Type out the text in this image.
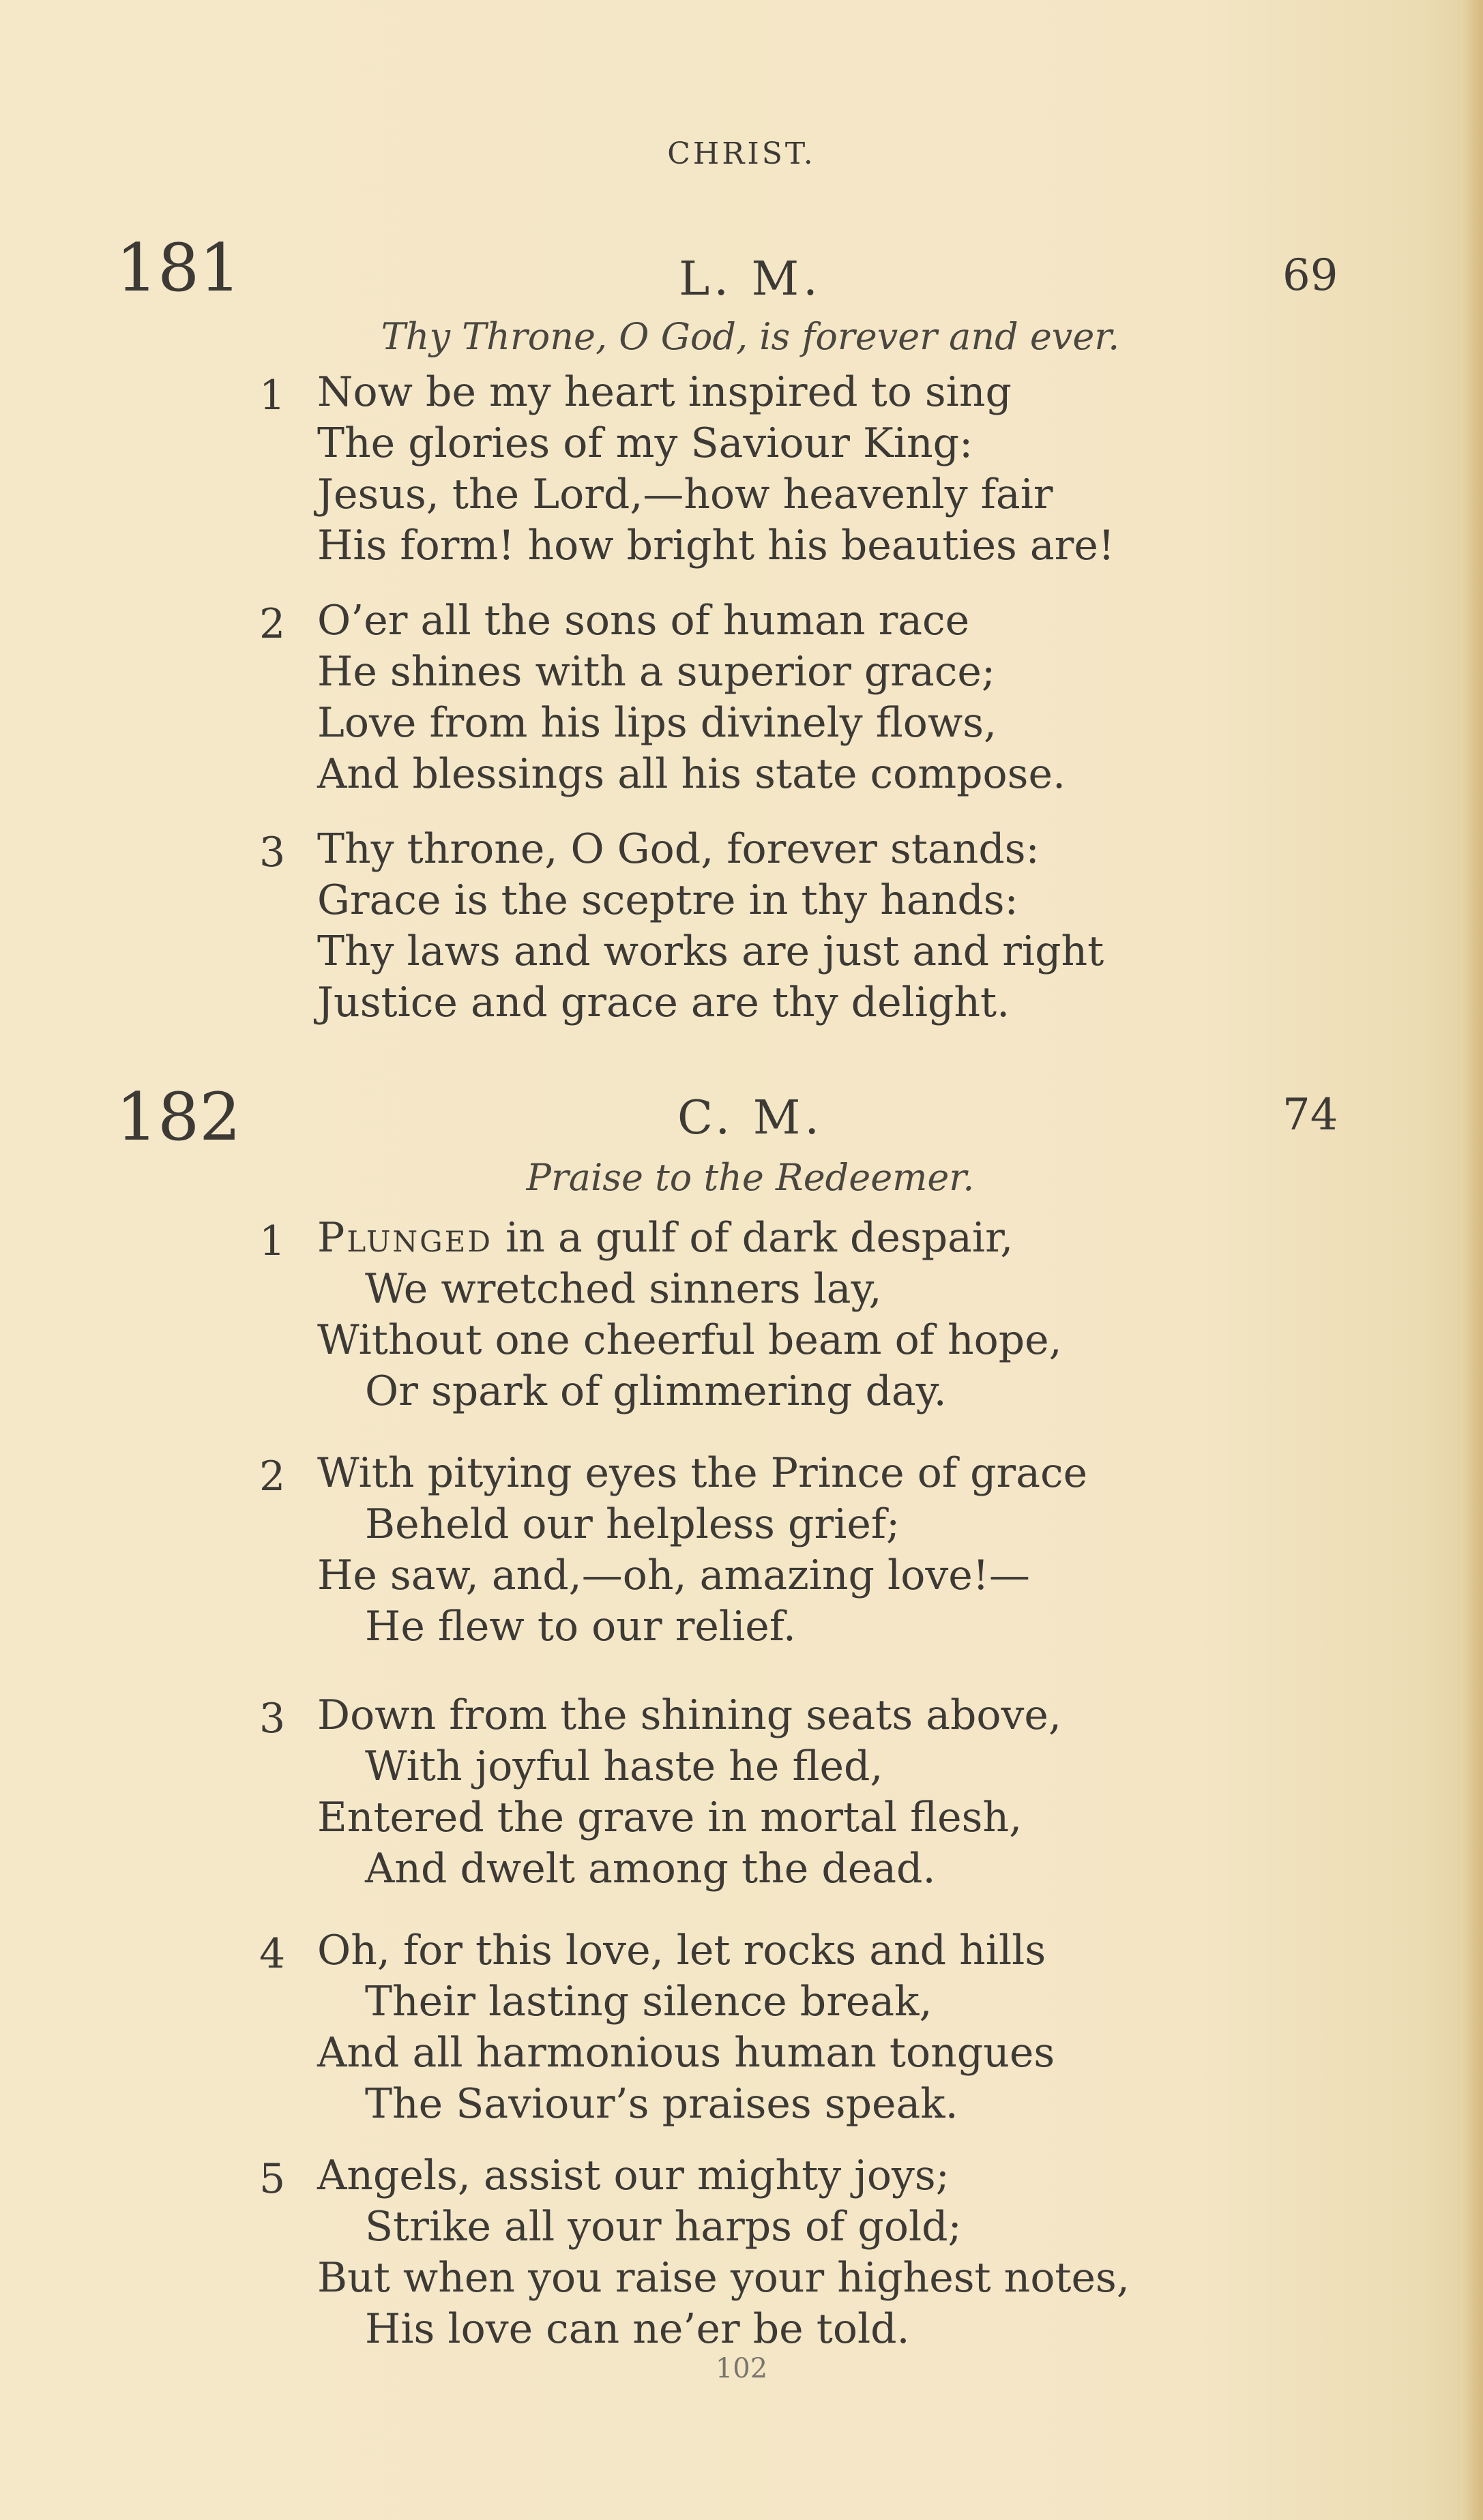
CHRIST.
181	L. M.	69
Thy Throne, O God, is forever and ever.
1 Now be my heart inspired to sing
The glories of my Saviour King:
Jesus, the Lord,—how heavenly fair
His form! how bright his beauties are!
2 O’er all the sons of human race
He shines with a superior grace;
Love from his lips divinely flows,
And blessings all his state compose.
3 Thy throne, O God, forever stands:
Grace is the sceptre in thy hands:
Thy laws and works are just and right
Justice and grace are thy delight.
182	C. M.	74
Praise to the Redeemer.
1 Plunged in a gulf of dark despair,
We wretched sinners lay,
Without one cheerful beam of hope,
Or spark of glimmering day.
2 With pitying eyes the Prince of grace
Beheld our helpless grief;
He saw, and,—oh, amazing love!—
He flew to our relief.
3 Down from the shining seats above,
With joyful haste he fled,
Entered the grave in mortal flesh,
And dwelt among the dead.
4 Oh, for this love, let rocks and hills
Their lasting silence break,
And all harmonious human tongues
The Saviour’s praises speak.
5 Angels, assist our mighty joys;
Strike all your harps of gold;
But when you raise your highest notes,
His love can ne’er be told.
102
